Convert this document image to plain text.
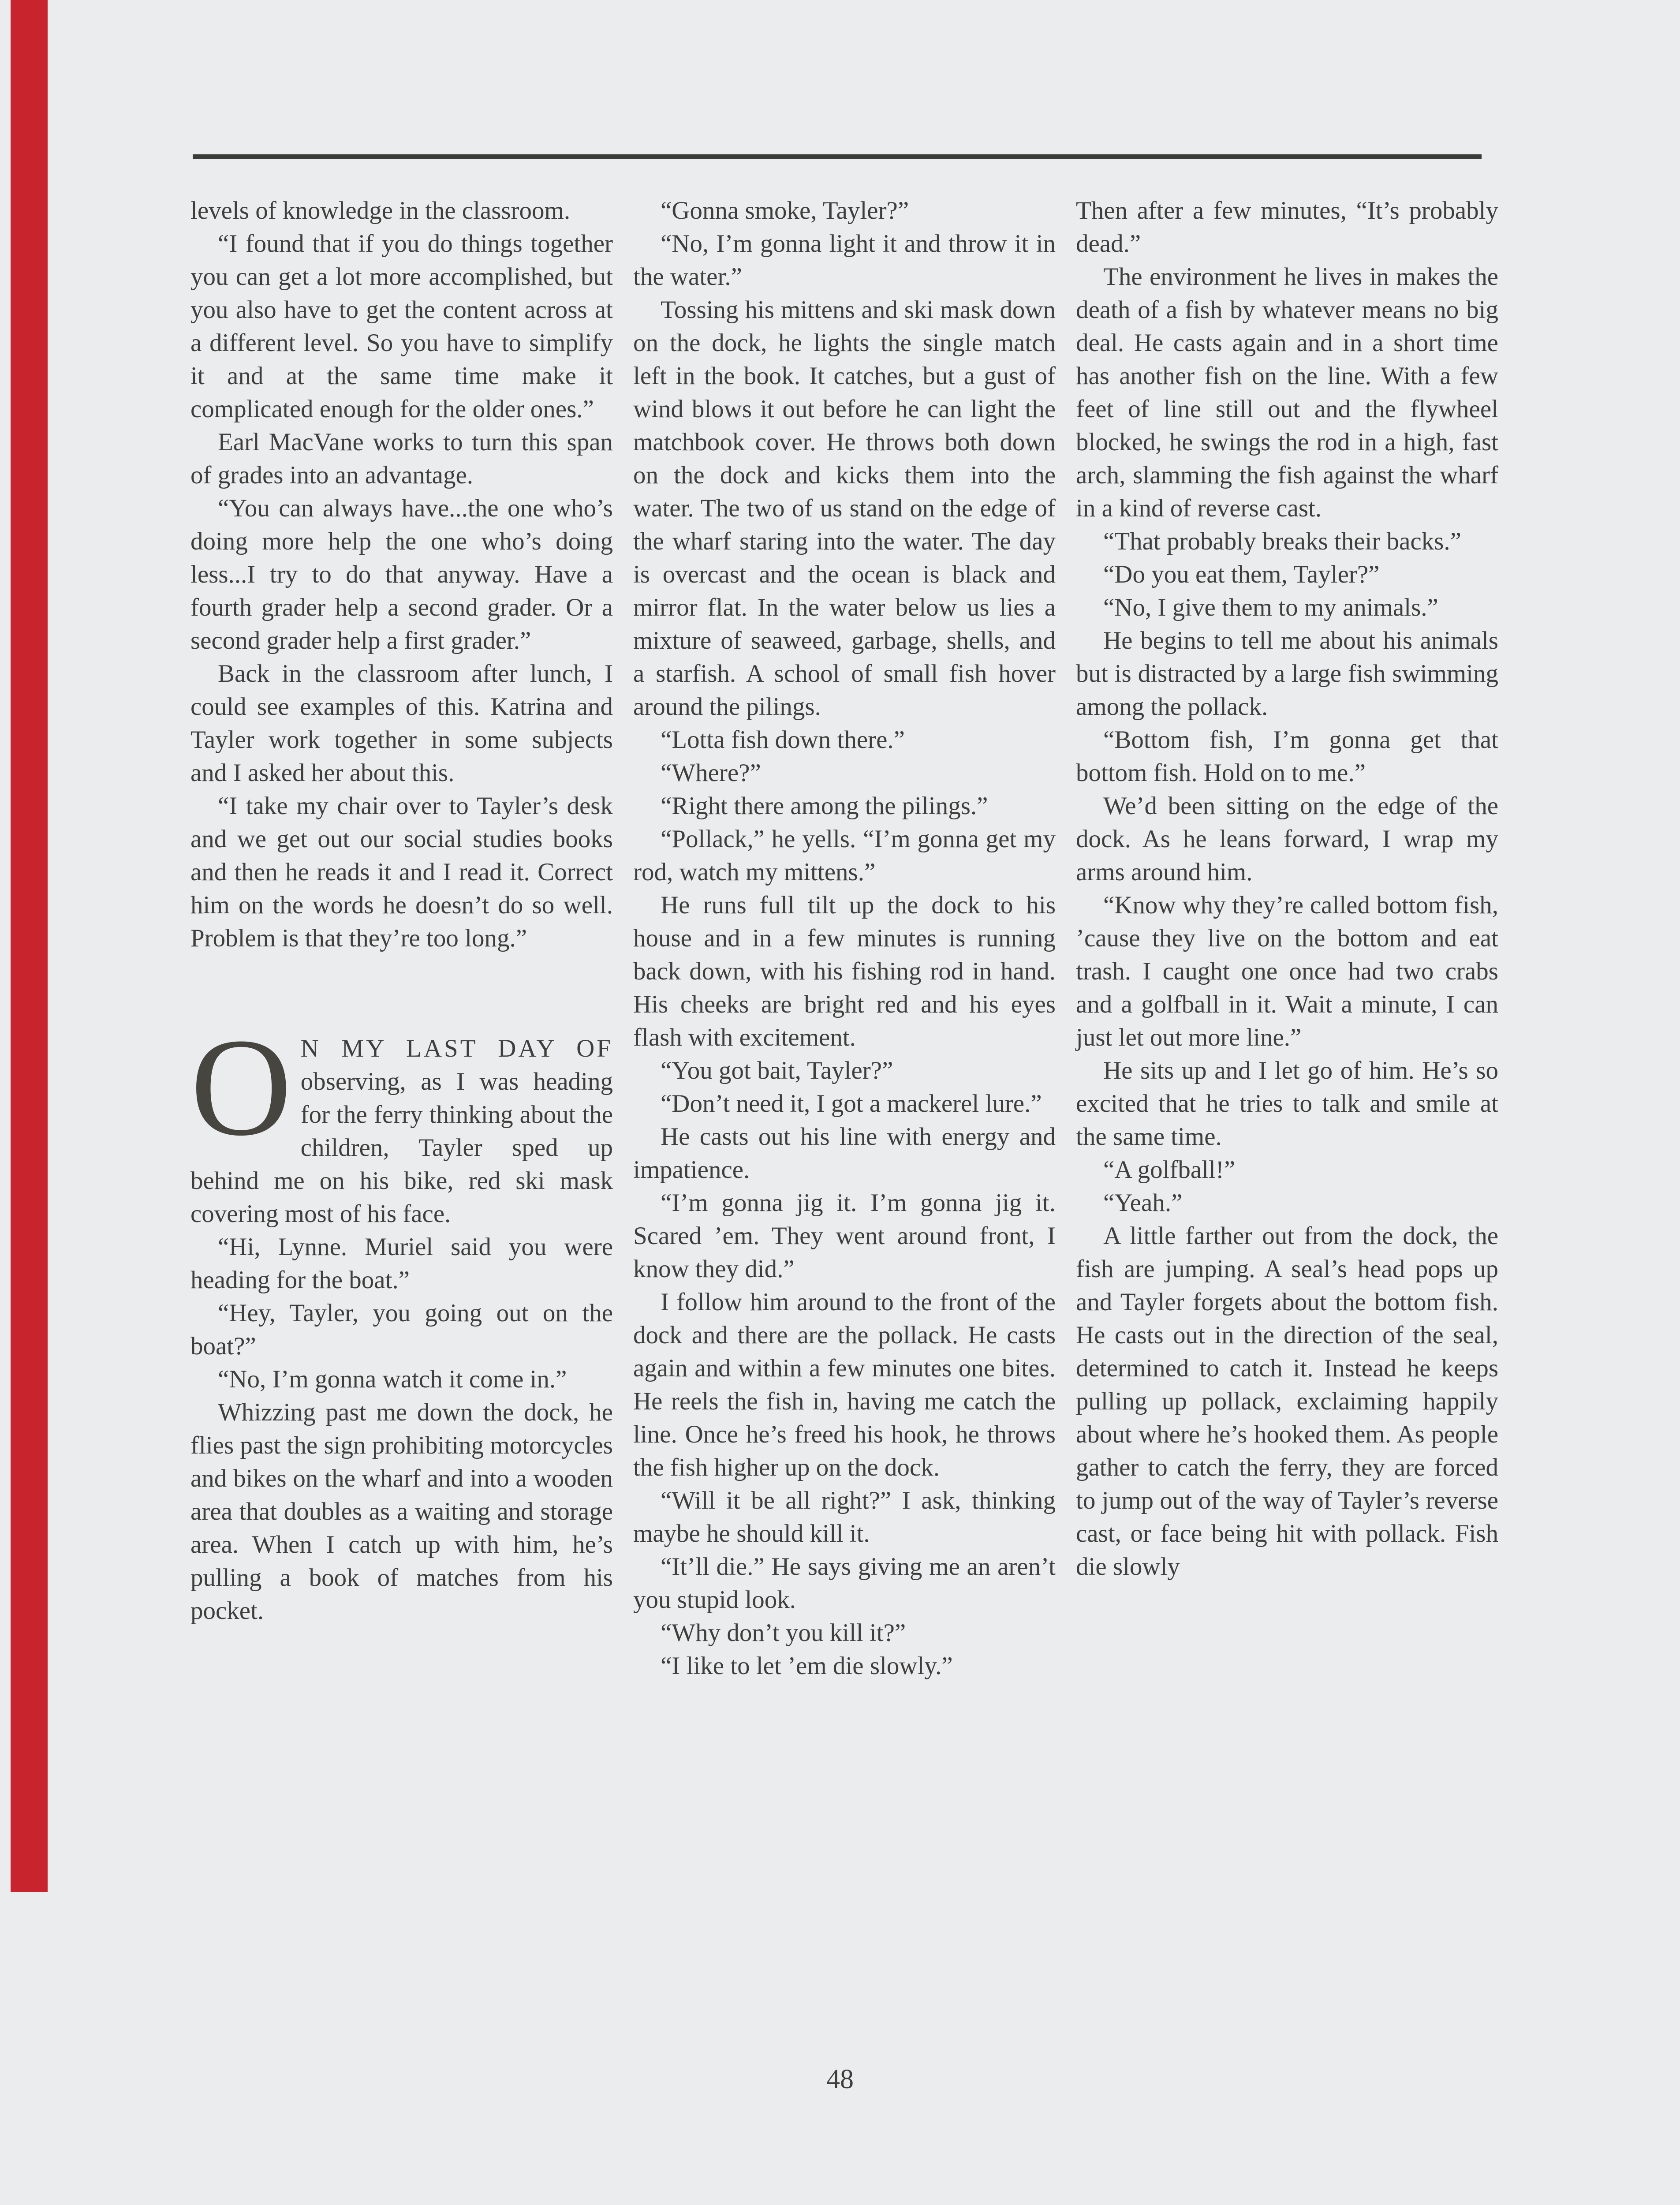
levels of knowledge in the classroom.

“I found that if you do things together you can get a lot more accomplished, but you also have to get the content across at a different level. So you have to simplify it and at the same time make it complicated enough for the older ones.”

Earl MacVane works to turn this span of grades into an advantage.

“You can always have...the one who’s doing more help the one who’s doing less...I try to do that anyway. Have a fourth grader help a second grader. Or a second grader help a first grader.”

Back in the classroom after lunch, I could see examples of this. Katrina and Tayler work together in some subjects and I asked her about this.

“I take my chair over to Tayler’s desk and we get out our social studies books and then he reads it and I read it. Correct him on the words he doesn’t do so well. Problem is that they’re too long.”

O N MY LAST DAY OF observing, as I was heading for the ferry thinking about the children, Tayler sped up behind me on his bike, red ski mask covering most of his face.

“Hi, Lynne. Muriel said you were heading for the boat.”

“Hey, Tayler, you going out on the boat?”

“No, I’m gonna watch it come in.”

Whizzing past me down the dock, he flies past the sign prohibiting motorcycles and bikes on the wharf and into a wooden area that doubles as a waiting and storage area. When I catch up with him, he’s pulling a book of matches from his pocket.

“Gonna smoke, Tayler?”

“No, I’m gonna light it and throw it in the water.”

Tossing his mittens and ski mask down on the dock, he lights the single match left in the book. It catches, but a gust of wind blows it out before he can light the matchbook cover. He throws both down on the dock and kicks them into the water. The two of us stand on the edge of the wharf staring into the water. The day is overcast and the ocean is black and mirror flat. In the water below us lies a mixture of seaweed, garbage, shells, and a starfish. A school of small fish hover around the pilings.

“Lotta fish down there.”

“Where?”

“Right there among the pilings.”

“Pollack,” he yells. “I’m gonna get my rod, watch my mittens.”

He runs full tilt up the dock to his house and in a few minutes is running back down, with his fishing rod in hand. His cheeks are bright red and his eyes flash with excitement.

“You got bait, Tayler?”

“Don’t need it, I got a mackerel lure.”

He casts out his line with energy and impatience.

“I’m gonna jig it. I’m gonna jig it. Scared ’em. They went around front, I know they did.”

I follow him around to the front of the dock and there are the pollack. He casts again and within a few minutes one bites. He reels the fish in, having me catch the line. Once he’s freed his hook, he throws the fish higher up on the dock.

“Will it be all right?” I ask, thinking maybe he should kill it.

“It’ll die.” He says giving me an aren’t you stupid look.

“Why don’t you kill it?”

“I like to let ’em die slowly.”

Then after a few minutes, “It’s probably dead.”

The environment he lives in makes the death of a fish by whatever means no big deal. He casts again and in a short time has another fish on the line. With a few feet of line still out and the flywheel blocked, he swings the rod in a high, fast arch, slamming the fish against the wharf in a kind of reverse cast.

“That probably breaks their backs.”

“Do you eat them, Tayler?”

“No, I give them to my animals.”

He begins to tell me about his animals but is distracted by a large fish swimming among the pollack.

“Bottom fish, I’m gonna get that bottom fish. Hold on to me.”

We’d been sitting on the edge of the dock. As he leans forward, I wrap my arms around him.

“Know why they’re called bottom fish, ’cause they live on the bottom and eat trash. I caught one once had two crabs and a golfball in it. Wait a minute, I can just let out more line.”

He sits up and I let go of him. He’s so excited that he tries to talk and smile at the same time.

“A golfball!”

“Yeah.”

A little farther out from the dock, the fish are jumping. A seal’s head pops up and Tayler forgets about the bottom fish. He casts out in the direction of the seal, determined to catch it. Instead he keeps pulling up pollack, exclaiming happily about where he’s hooked them. As people gather to catch the ferry, they are forced to jump out of the way of Tayler’s reverse cast, or face being hit with pollack. Fish die slowly

48
